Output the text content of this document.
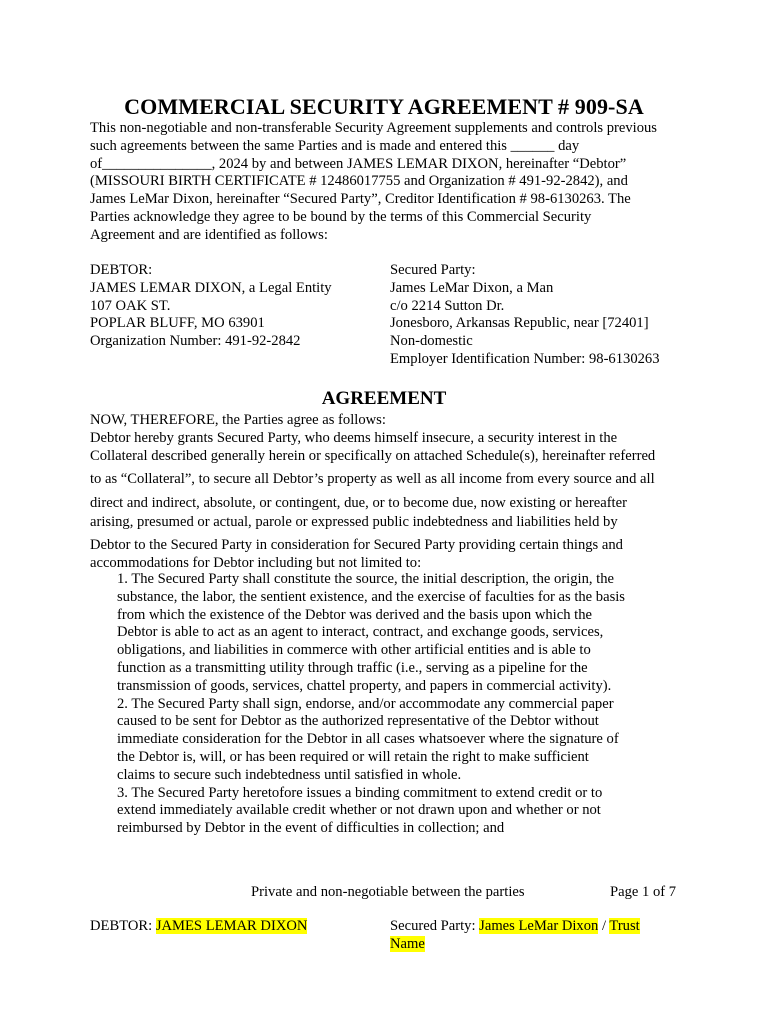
COMMERCIAL SECURITY AGREEMENT # 909-SA
This non-negotiable and non-transferable Security Agreement supplements and controls previous
such agreements between the same Parties and is made and entered this ______ day
of_______________, 2024 by and between JAMES LEMAR DIXON, hereinafter “Debtor”
(MISSOURI BIRTH CERTIFICATE # 12486017755 and Organization # 491-92-2842), and
James LeMar Dixon, hereinafter “Secured Party”, Creditor Identification # 98-6130263. The
Parties acknowledge they agree to be bound by the terms of this Commercial Security
Agreement and are identified as follows:
DEBTOR:
JAMES LEMAR DIXON, a Legal Entity
107 OAK ST.
POPLAR BLUFF, MO 63901
Organization Number: 491-92-2842
Secured Party:
James LeMar Dixon, a Man
c/o 2214 Sutton Dr.
Jonesboro, Arkansas Republic, near [72401]
Non-domestic
Employer Identification Number: 98-6130263
AGREEMENT
NOW, THEREFORE, the Parties agree as follows:
Debtor hereby grants Secured Party, who deems himself insecure, a security interest in the
Collateral described generally herein or specifically on attached Schedule(s), hereinafter referred
to as “Collateral”, to secure all Debtor’s property as well as all income from every source and all
direct and indirect, absolute, or contingent, due, or to become due, now existing or hereafter
arising, presumed or actual, parole or expressed public indebtedness and liabilities held by
Debtor to the Secured Party in consideration for Secured Party providing certain things and
accommodations for Debtor including but not limited to:
1. The Secured Party shall constitute the source, the initial description, the origin, the
substance, the labor, the sentient existence, and the exercise of faculties for as the basis
from which the existence of the Debtor was derived and the basis upon which the
Debtor is able to act as an agent to interact, contract, and exchange goods, services,
obligations, and liabilities in commerce with other artificial entities and is able to
function as a transmitting utility through traffic (i.e., serving as a pipeline for the
transmission of goods, services, chattel property, and papers in commercial activity).
2. The Secured Party shall sign, endorse, and/or accommodate any commercial paper
caused to be sent for Debtor as the authorized representative of the Debtor without
immediate consideration for the Debtor in all cases whatsoever where the signature of
the Debtor is, will, or has been required or will retain the right to make sufficient
claims to secure such indebtedness until satisfied in whole.
3. The Secured Party heretofore issues a binding commitment to extend credit or to
extend immediately available credit whether or not drawn upon and whether or not
reimbursed by Debtor in the event of difficulties in collection; and
Private and non-negotiable between the parties	Page 1 of 7
DEBTOR: JAMES LEMAR DIXON	Secured Party: James LeMar Dixon / Trust
Name
